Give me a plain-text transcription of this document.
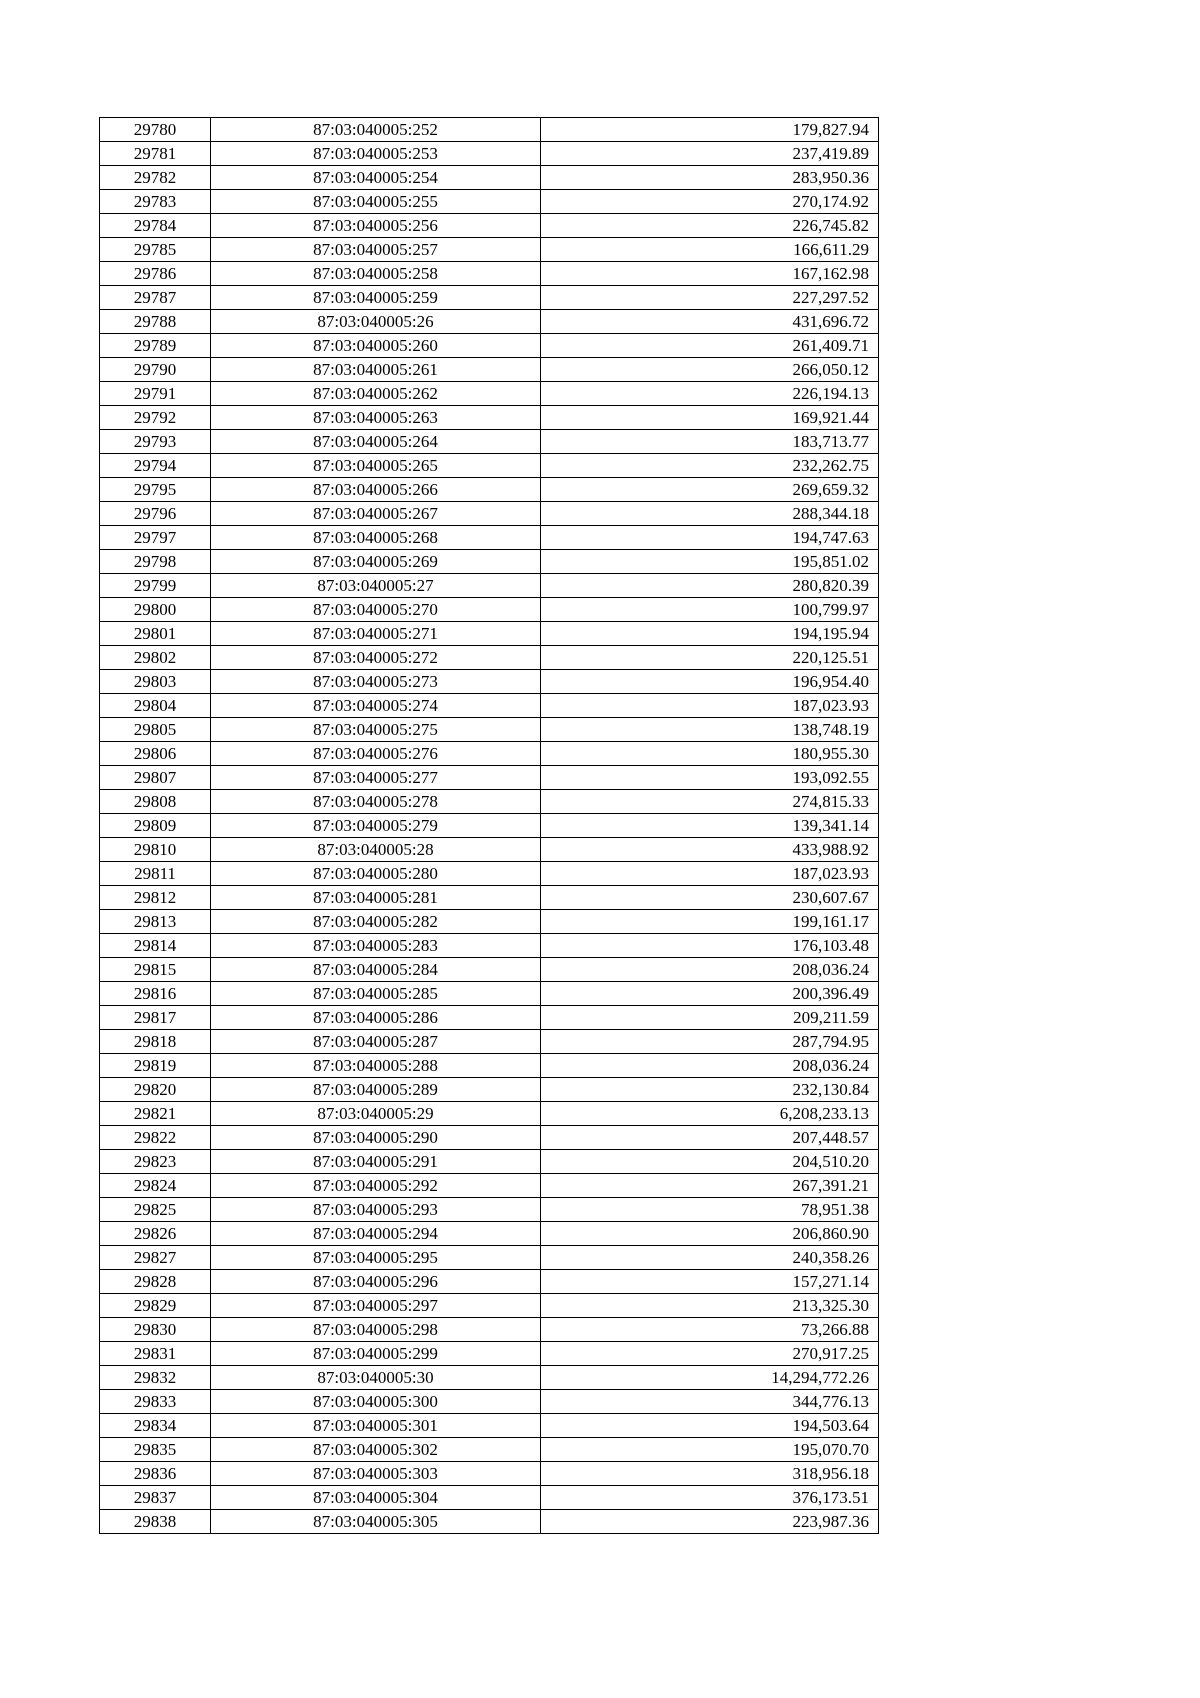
29780	87:03:040005:252	179,827.94
29781	87:03:040005:253	237,419.89
29782	87:03:040005:254	283,950.36
29783	87:03:040005:255	270,174.92
29784	87:03:040005:256	226,745.82
29785	87:03:040005:257	166,611.29
29786	87:03:040005:258	167,162.98
29787	87:03:040005:259	227,297.52
29788	87:03:040005:26	431,696.72
29789	87:03:040005:260	261,409.71
29790	87:03:040005:261	266,050.12
29791	87:03:040005:262	226,194.13
29792	87:03:040005:263	169,921.44
29793	87:03:040005:264	183,713.77
29794	87:03:040005:265	232,262.75
29795	87:03:040005:266	269,659.32
29796	87:03:040005:267	288,344.18
29797	87:03:040005:268	194,747.63
29798	87:03:040005:269	195,851.02
29799	87:03:040005:27	280,820.39
29800	87:03:040005:270	100,799.97
29801	87:03:040005:271	194,195.94
29802	87:03:040005:272	220,125.51
29803	87:03:040005:273	196,954.40
29804	87:03:040005:274	187,023.93
29805	87:03:040005:275	138,748.19
29806	87:03:040005:276	180,955.30
29807	87:03:040005:277	193,092.55
29808	87:03:040005:278	274,815.33
29809	87:03:040005:279	139,341.14
29810	87:03:040005:28	433,988.92
29811	87:03:040005:280	187,023.93
29812	87:03:040005:281	230,607.67
29813	87:03:040005:282	199,161.17
29814	87:03:040005:283	176,103.48
29815	87:03:040005:284	208,036.24
29816	87:03:040005:285	200,396.49
29817	87:03:040005:286	209,211.59
29818	87:03:040005:287	287,794.95
29819	87:03:040005:288	208,036.24
29820	87:03:040005:289	232,130.84
29821	87:03:040005:29	6,208,233.13
29822	87:03:040005:290	207,448.57
29823	87:03:040005:291	204,510.20
29824	87:03:040005:292	267,391.21
29825	87:03:040005:293	78,951.38
29826	87:03:040005:294	206,860.90
29827	87:03:040005:295	240,358.26
29828	87:03:040005:296	157,271.14
29829	87:03:040005:297	213,325.30
29830	87:03:040005:298	73,266.88
29831	87:03:040005:299	270,917.25
29832	87:03:040005:30	14,294,772.26
29833	87:03:040005:300	344,776.13
29834	87:03:040005:301	194,503.64
29835	87:03:040005:302	195,070.70
29836	87:03:040005:303	318,956.18
29837	87:03:040005:304	376,173.51
29838	87:03:040005:305	223,987.36
